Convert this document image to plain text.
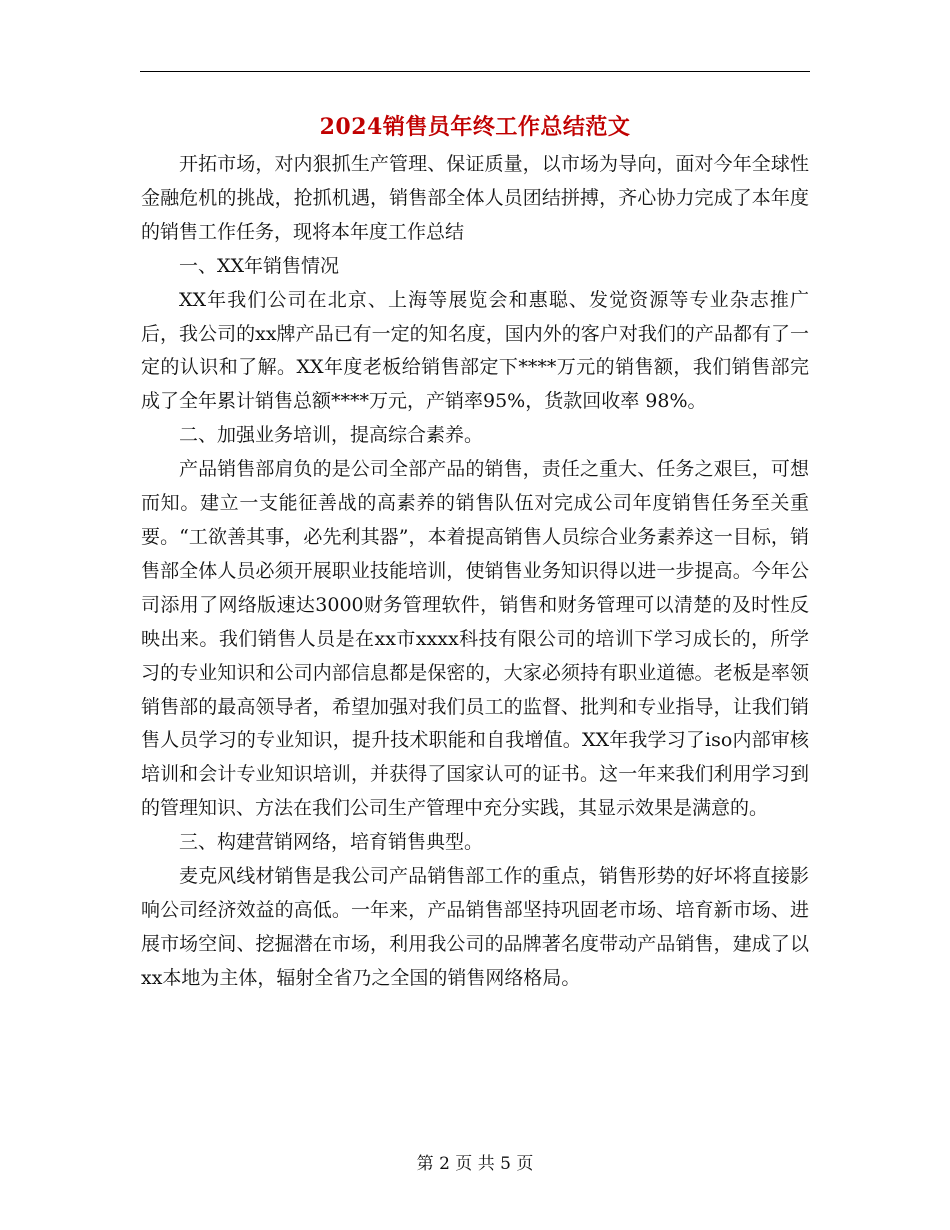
2024销售员年终工作总结范文

开拓市场，对内狠抓生产管理、保证质量，以市场为导向，面对今年全球性金融危机的挑战，抢抓机遇，销售部全体人员团结拼搏，齐心协力完成了本年度的销售工作任务，现将本年度工作总结

一、XX年销售情况

XX年我们公司在北京、上海等展览会和惠聪、发觉资源等专业杂志推广后，我公司的xx牌产品已有一定的知名度，国内外的客户对我们的产品都有了一定的认识和了解。XX年度老板给销售部定下****万元的销售额，我们销售部完成了全年累计销售总额****万元，产销率95%，货款回收率 98%。

二、加强业务培训，提高综合素养。

产品销售部肩负的是公司全部产品的销售，责任之重大、任务之艰巨，可想而知。建立一支能征善战的高素养的销售队伍对完成公司年度销售任务至关重要。“工欲善其事，必先利其器”，本着提高销售人员综合业务素养这一目标，销售部全体人员必须开展职业技能培训，使销售业务知识得以进一步提高。今年公司添用了网络版速达3000财务管理软件，销售和财务管理可以清楚的及时性反映出来。我们销售人员是在xx市xxxx科技有限公司的培训下学习成长的，所学习的专业知识和公司内部信息都是保密的，大家必须持有职业道德。老板是率领销售部的最高领导者，希望加强对我们员工的监督、批判和专业指导，让我们销售人员学习的专业知识，提升技术职能和自我增值。XX年我学习了iso内部审核培训和会计专业知识培训，并获得了国家认可的证书。这一年来我们利用学习到的管理知识、方法在我们公司生产管理中充分实践，其显示效果是满意的。

三、构建营销网络，培育销售典型。

麦克风线材销售是我公司产品销售部工作的重点，销售形势的好坏将直接影响公司经济效益的高低。一年来，产品销售部坚持巩固老市场、培育新市场、进展市场空间、挖掘潜在市场，利用我公司的品牌著名度带动产品销售，建成了以xx本地为主体，辐射全省乃之全国的销售网络格局。

第 2 页 共 5 页
